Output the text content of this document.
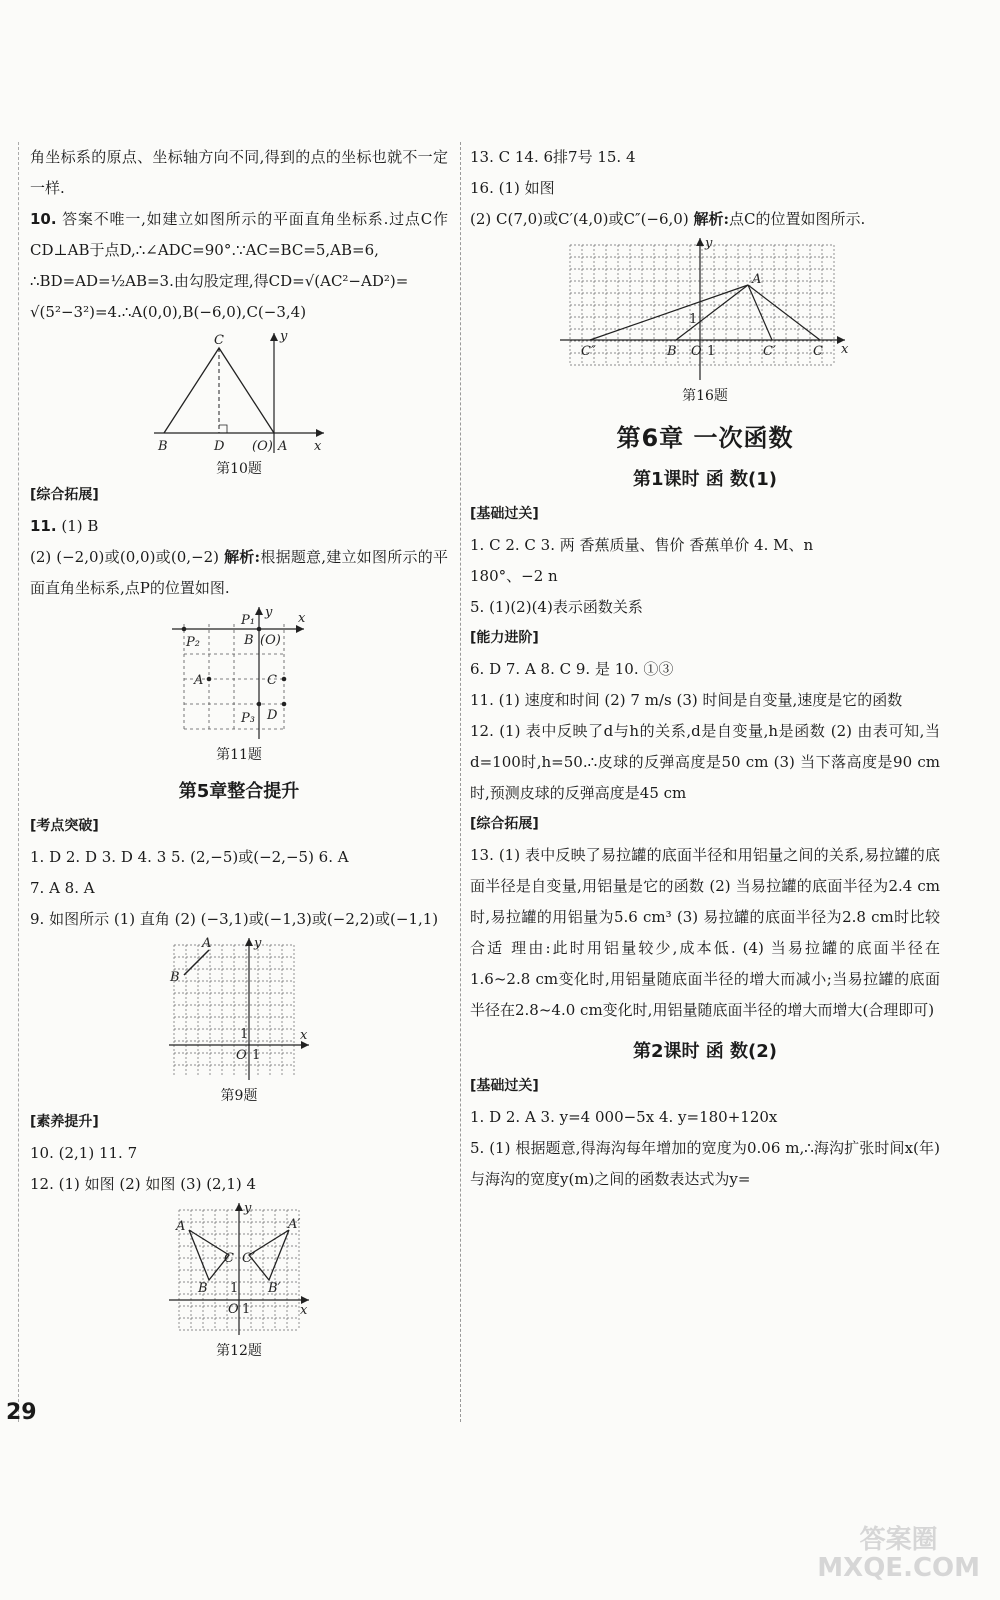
角坐标系的原点、坐标轴方向不同,得到的点的坐标也就不一定一样.

10. 答案不唯一,如建立如图所示的平面直角坐标系.过点C作CD⊥AB于点D,∴∠ADC=90°.∵AC=BC=5,AB=6,

∴BD=AD=½AB=3.由勾股定理,得CD=√(AC²−AD²)=

√(5²−3²)=4.∴A(0,0),B(−6,0),C(−3,4)

B
C
D (O) A x
y
第10题

[综合拓展]

11. (1) B

(2) (−2,0)或(0,0)或(0,−2) 解析:根据题意,建立如图所示的平面直角坐标系,点P的位置如图.

P₁
P₂
P₃
A
B (O)
C
D
x
y
第11题
第5章整合提升

[考点突破]

1. D 2. D 3. D 4. 3 5. (2,−5)或(−2,−5) 6. A

7. A 8. A

9. 如图所示 (1) 直角 (2) (−3,1)或(−1,3)或(−2,2)或(−1,1)

A
B
O 1
1	x
y
第9题

[素养提升]

10. (2,1) 11. 7

12. (1) 如图 (2) 如图 (3) (2,1) 4

A	A′
B	B′
C C′
O 1
1
x
y
第12题

13. C 14. 6排7号 15. 4

16. (1) 如图

(2) C(7,0)或C′(4,0)或C″(−6,0) 解析:点C的位置如图所示.

A
B O 1
1
C′	C
C″	x
y
第16题
第6章 一次函数
第1课时 函 数(1)

[基础过关]

1. C 2. C 3. 两 香蕉质量、售价 香蕉单价 4. M、n

180°、−2 n

5. (1)(2)(4)表示函数关系

[能力进阶]

6. D 7. A 8. C 9. 是 10. ①③

11. (1) 速度和时间 (2) 7 m/s (3) 时间是自变量,速度是它的函数

12. (1) 表中反映了d与h的关系,d是自变量,h是函数 (2) 由表可知,当d=100时,h=50.∴皮球的反弹高度是50 cm (3) 当下落高度是90 cm时,预测皮球的反弹高度是45 cm

[综合拓展]

13. (1) 表中反映了易拉罐的底面半径和用铝量之间的关系,易拉罐的底面半径是自变量,用铝量是它的函数 (2) 当易拉罐的底面半径为2.4 cm时,易拉罐的用铝量为5.6 cm³ (3) 易拉罐的底面半径为2.8 cm时比较合适 理由:此时用铝量较少,成本低. (4) 当易拉罐的底面半径在1.6~2.8 cm变化时,用铝量随底面半径的增大而减小;当易拉罐的底面半径在2.8~4.0 cm变化时,用铝量随底面半径的增大而增大(合理即可)

第2课时 函 数(2)

[基础过关]

1. D 2. A 3. y=4 000−5x 4. y=180+120x

5. (1) 根据题意,得海沟每年增加的宽度为0.06 m,∴海沟扩张时间x(年)与海沟的宽度y(m)之间的函数表达式为y=

29
答案圈
MXQE.COM
